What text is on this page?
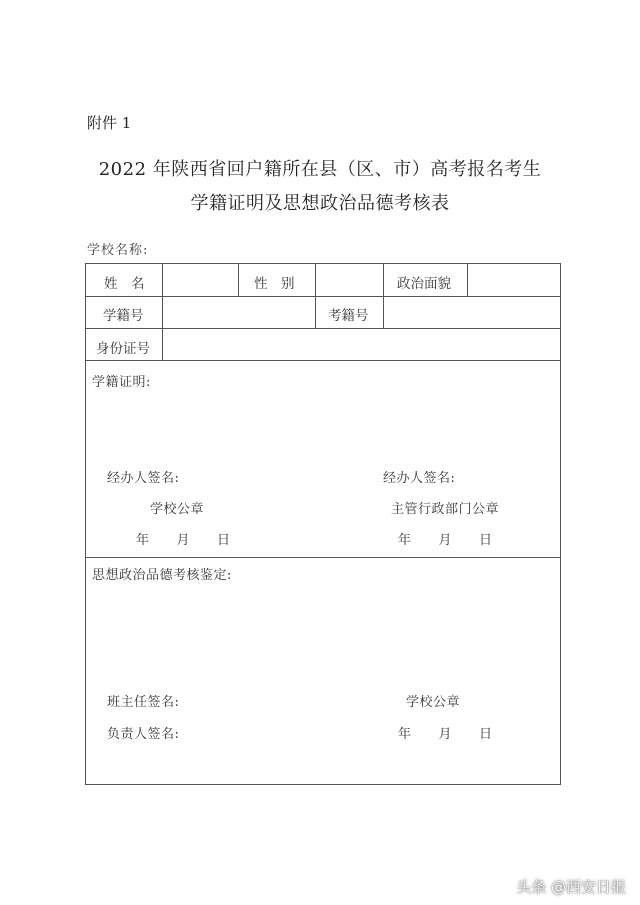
附件 1
2022 年陕西省回户籍所在县（区、市）高考报名考生
学籍证明及思想政治品德考核表
学校名称:
姓　名	性　别	政治面貌
学籍号	考籍号
身份证号
学籍证明:
经办人签名:	经办人签名:
学校公章	主管行政部门公章
年　　月　　日	年　　月　　日
思想政治品德考核鉴定:
班主任签名:	学校公章
负责人签名:	年　　月　　日
头条 @西安日报
